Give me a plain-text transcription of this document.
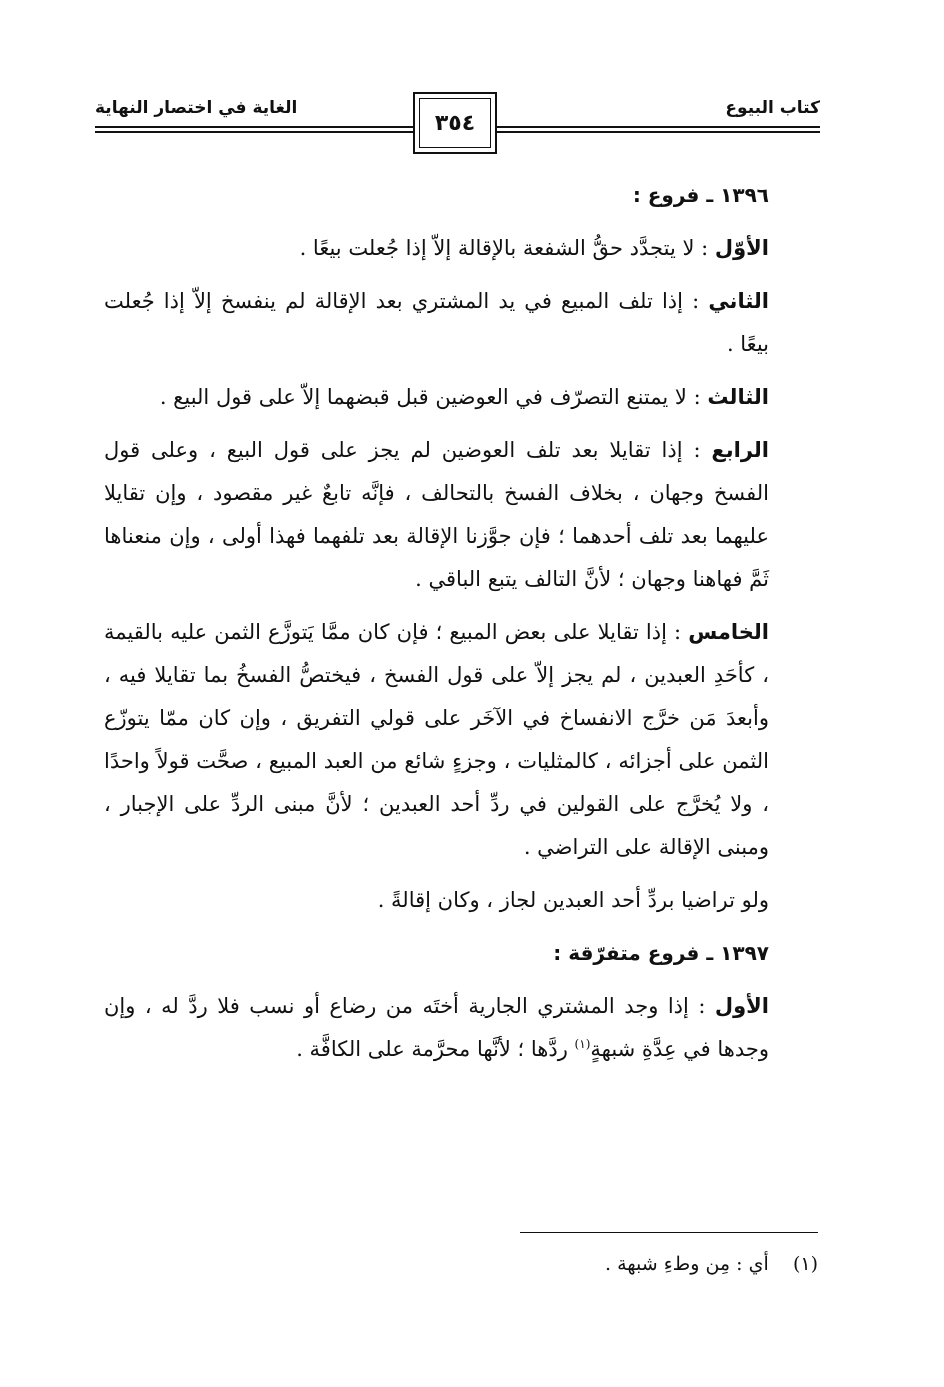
كتاب البيوع
الغاية في اختصار النهاية
٣٥٤

١٣٩٦ ـ فروع :

الأوّل : لا يتجدَّد حقُّ الشفعة بالإقالة إلاّ إذا جُعلت بيعًا .

الثاني : إذا تلف المبيع في يد المشتري بعد الإقالة لم ينفسخ إلاّ إذا جُعلت بيعًا .

الثالث : لا يمتنع التصرّف في العوضين قبل قبضهما إلاّ على قول البيع .

الرابع : إذا تقايلا بعد تلف العوضين لم يجز على قول البيع ، وعلى قول الفسخ وجهان ، بخلاف الفسخ بالتحالف ، فإنَّه تابعٌ غير مقصود ، وإن تقايلا عليهما بعد تلف أحدهما ؛ فإن جوَّزنا الإقالة بعد تلفهما فهذا أولى ، وإن منعناها ثَمَّ فهاهنا وجهان ؛ لأنَّ التالف يتبع الباقي .

الخامس : إذا تقايلا على بعض المبيع ؛ فإن كان ممَّا يَتوزَّع الثمن عليه بالقيمة ، كأحَدِ العبدين ، لم يجز إلاّ على قول الفسخ ، فيختصُّ الفسخُ بما تقايلا فيه ، وأبعدَ مَن خرَّج الانفساخ في الآخَر على قولي التفريق ، وإن كان ممّا يتوزّع الثمن على أجزائه ، كالمثليات ، وجزءٍ شائع من العبد المبيع ، صحَّت قولاً واحدًا ، ولا يُخرَّج على القولين في ردِّ أحد العبدين ؛ لأنَّ مبنى الردِّ على الإجبار ، ومبنى الإقالة على التراضي .

ولو تراضيا بردِّ أحد العبدين لجاز ، وكان إقالةً .

١٣٩٧ ـ فروع متفرّقة :

الأول : إذا وجد المشتري الجارية أختَه من رضاع أو نسب فلا ردَّ له ، وإن وجدها في عِدَّةِ شبهةٍ$^{(١)}$ ردَّها ؛ لأنَّها محرَّمة على الكافَّة .

(١)    أي : مِن وطءِ شبهة .
